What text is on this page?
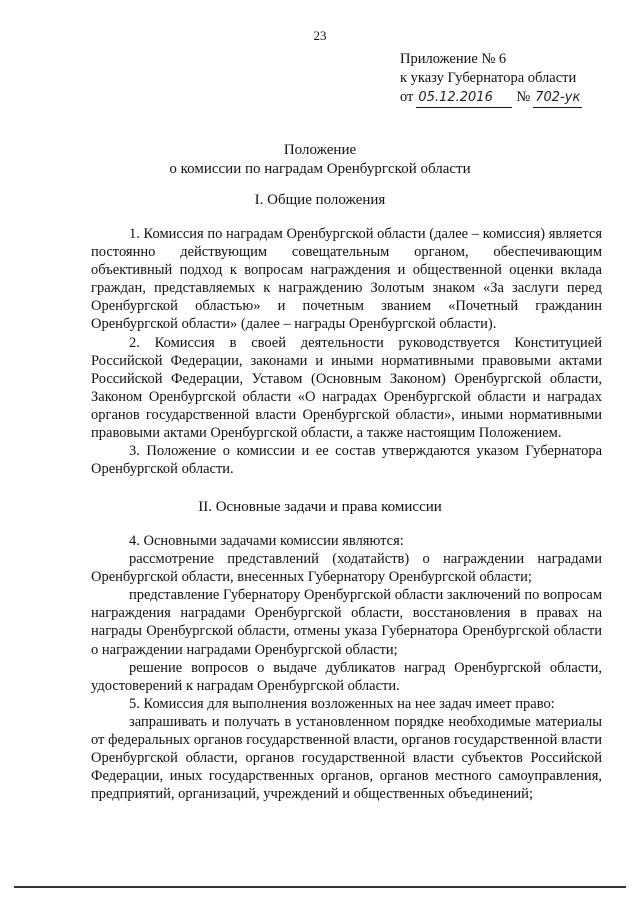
23
Приложение № 6
к указу Губернатора области
от 05.12.2016	№ 702-ук
Положение
о комиссии по наградам Оренбургской области
I. Общие положения

1. Комиссия по наградам Оренбургской области (далее – комиссия) является постоянно действующим совещательным органом, обеспечивающим объективный подход к вопросам награждения и общественной оценки вклада граждан, представляемых к награждению Золотым знаком «За заслуги перед Оренбургской областью» и почетным званием «Почетный гражданин Оренбургской области» (далее – награды Оренбургской области).

2. Комиссия в своей деятельности руководствуется Конституцией Российской Федерации, законами и иными нормативными правовыми актами Российской Федерации, Уставом (Основным Законом) Оренбургской области, Законом Оренбургской области «О наградах Оренбургской области и наградах органов государственной власти Оренбургской области», иными нормативными правовыми актами Оренбургской области, а также настоящим Положением.

3. Положение о комиссии и ее состав утверждаются указом Губернатора Оренбургской области.

II. Основные задачи и права комиссии

4. Основными задачами комиссии являются:

рассмотрение представлений (ходатайств) о награждении наградами Оренбургской области, внесенных Губернатору Оренбургской области;

представление Губернатору Оренбургской области заключений по вопросам награждения наградами Оренбургской области, восстановления в правах на награды Оренбургской области, отмены указа Губернатора Оренбургской области о награждении наградами Оренбургской области;

решение вопросов о выдаче дубликатов наград Оренбургской области, удостоверений к наградам Оренбургской области.

5. Комиссия для выполнения возложенных на нее задач имеет право:

запрашивать и получать в установленном порядке необходимые материалы от федеральных органов государственной власти, органов государственной власти Оренбургской области, органов государственной власти субъектов Российской Федерации, иных государственных органов, органов местного самоуправления, предприятий, организаций, учреждений и общественных объединений;
